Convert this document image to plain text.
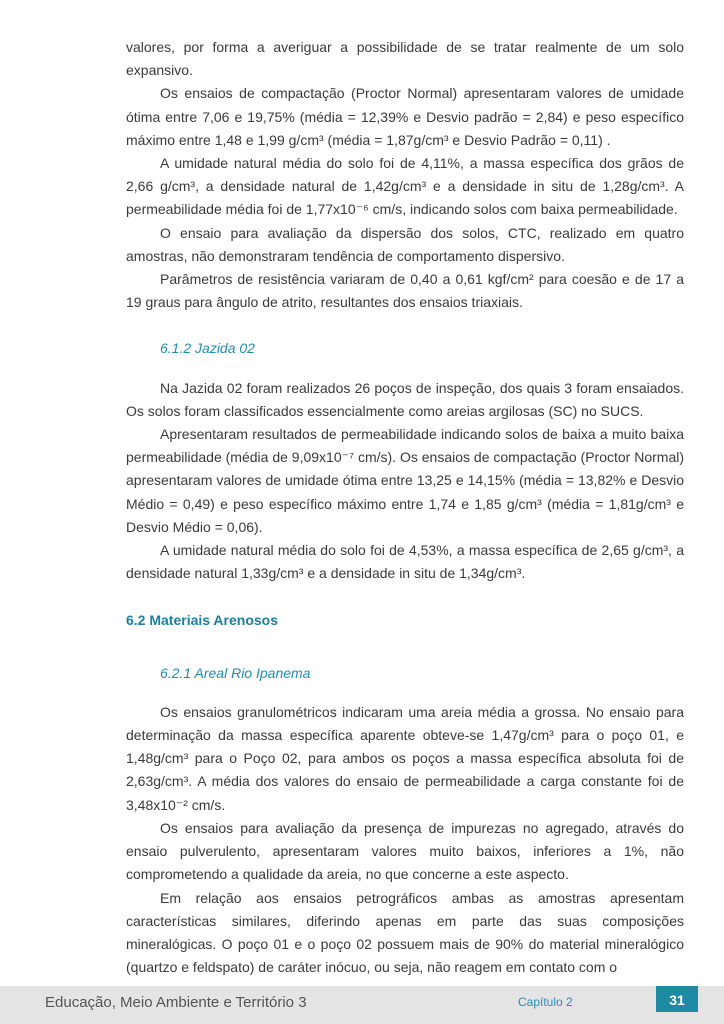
valores, por forma a averiguar a possibilidade de se tratar realmente de um solo expansivo.

Os ensaios de compactação (Proctor Normal) apresentaram valores de umidade ótima entre 7,06 e 19,75% (média = 12,39% e Desvio padrão = 2,84) e peso específico máximo entre 1,48 e 1,99 g/cm³ (média = 1,87g/cm³ e Desvio Padrão = 0,11) .

A umidade natural média do solo foi de 4,11%, a massa específica dos grãos de 2,66 g/cm³, a densidade natural de 1,42g/cm³ e a densidade in situ de 1,28g/cm³. A permeabilidade média foi de 1,77x10⁻⁶ cm/s, indicando solos com baixa permeabilidade.

O ensaio para avaliação da dispersão dos solos, CTC, realizado em quatro amostras, não demonstraram tendência de comportamento dispersivo.

Parâmetros de resistência variaram de 0,40 a 0,61 kgf/cm² para coesão e de 17 a 19 graus para ângulo de atrito, resultantes dos ensaios triaxiais.

6.1.2 Jazida 02

Na Jazida 02 foram realizados 26 poços de inspeção, dos quais 3 foram ensaiados. Os solos foram classificados essencialmente como areias argilosas (SC) no SUCS.

Apresentaram resultados de permeabilidade indicando solos de baixa a muito baixa permeabilidade (média de 9,09x10⁻⁷ cm/s). Os ensaios de compactação (Proctor Normal) apresentaram valores de umidade ótima entre 13,25 e 14,15% (média = 13,82% e Desvio Médio = 0,49) e peso específico máximo entre 1,74 e 1,85 g/cm³ (média = 1,81g/cm³ e Desvio Médio = 0,06).

A umidade natural média do solo foi de 4,53%, a massa específica de 2,65 g/cm³, a densidade natural 1,33g/cm³ e a densidade in situ de 1,34g/cm³.

6.2 Materiais Arenosos

6.2.1 Areal Rio Ipanema

Os ensaios granulométricos indicaram uma areia média a grossa. No ensaio para determinação da massa específica aparente obteve-se 1,47g/cm³ para o poço 01, e 1,48g/cm³ para o Poço 02, para ambos os poços a massa específica absoluta foi de 2,63g/cm³. A média dos valores do ensaio de permeabilidade a carga constante foi de 3,48x10⁻² cm/s.

Os ensaios para avaliação da presença de impurezas no agregado, através do ensaio pulverulento, apresentaram valores muito baixos, inferiores a 1%, não comprometendo a qualidade da areia, no que concerne a este aspecto.

Em relação aos ensaios petrográficos ambas as amostras apresentam características similares, diferindo apenas em parte das suas composições mineralógicas. O poço 01 e o poço 02 possuem mais de 90% do material mineralógico (quartzo e feldspato) de caráter inócuo, ou seja, não reagem em contato com o

Educação, Meio Ambiente e Território 3	Capítulo 2	31
